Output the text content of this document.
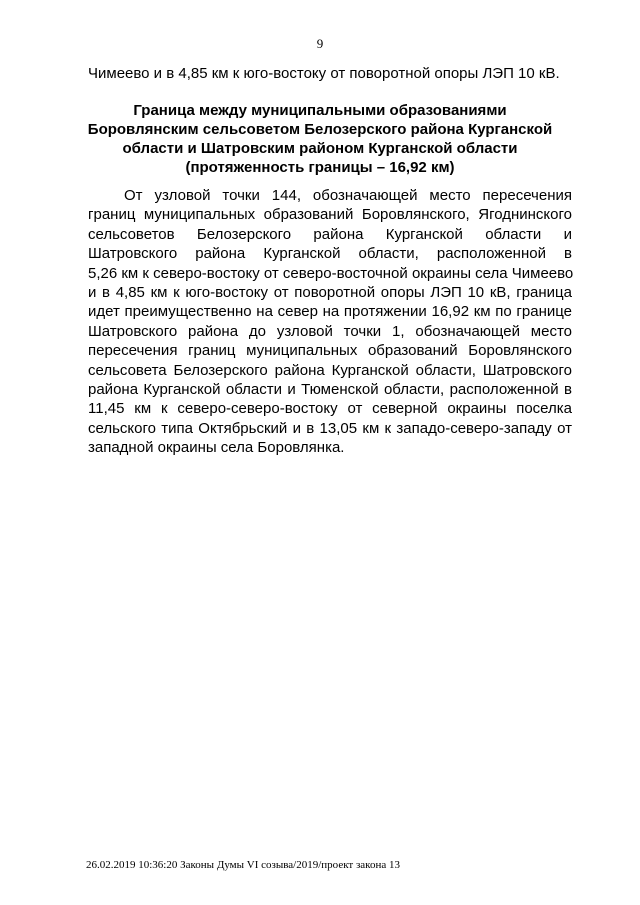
9
Чимеево и в 4,85 км к юго-востоку от поворотной опоры ЛЭП 10 кВ.
Граница между муниципальными образованиями
Боровлянским сельсоветом Белозерского района Курганской
области и Шатровским районом Курганской области
(протяженность границы – 16,92 км)
От узловой точки 144, обозначающей место пересечения
границ муниципальных образований Боровлянского, Ягоднинского
сельсоветов Белозерского района Курганской области и
Шатровского района Курганской области, расположенной в
5,26 км к северо-востоку от северо-восточной окраины села Чимеево
и в 4,85 км к юго-востоку от поворотной опоры ЛЭП 10 кВ, граница
идет преимущественно на север на протяжении 16,92 км по границе
Шатровского района до узловой точки 1, обозначающей место
пересечения границ муниципальных образований Боровлянского
сельсовета Белозерского района Курганской области, Шатровского
района Курганской области и Тюменской области, расположенной в
11,45 км к северо-северо-востоку от северной окраины поселка
сельского типа Октябрьский и в 13,05 км к западо-северо-западу от
западной окраины села Боровлянка.
26.02.2019 10:36:20 Законы Думы VI созыва/2019/проект закона 13
